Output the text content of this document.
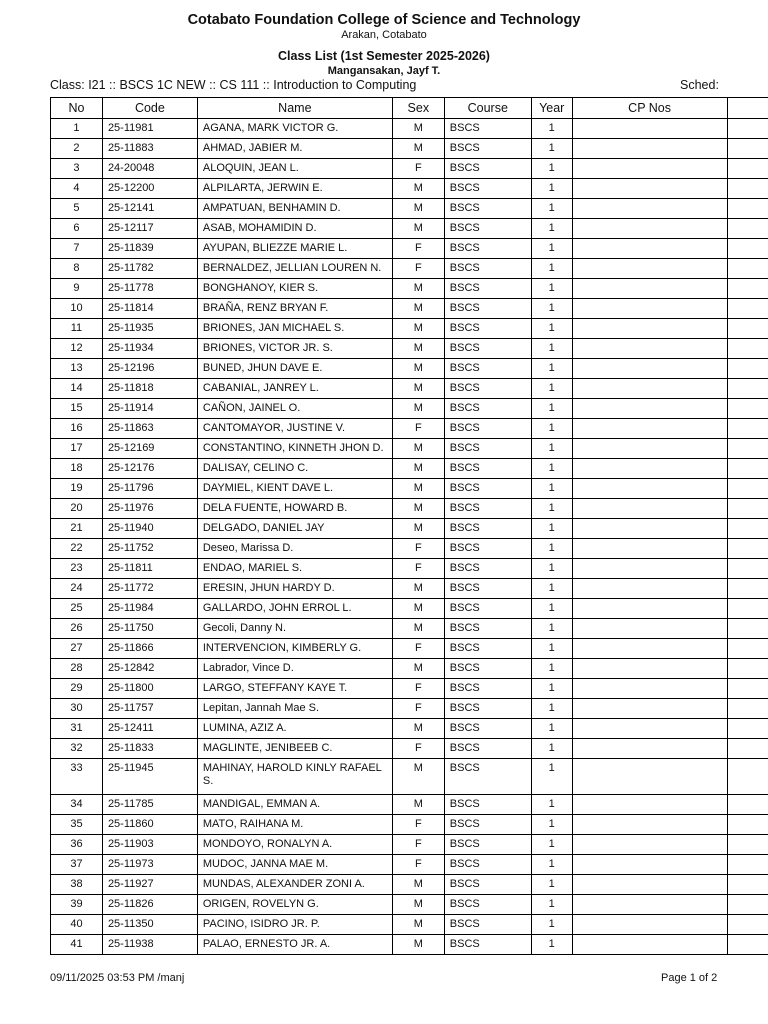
Cotabato Foundation College of Science and Technology
Arakan, Cotabato
Class List (1st Semester 2025-2026)
Mangansakan, Jayf T.
Class: I21 :: BSCS 1C NEW :: CS 111 :: Introduction to Computing	Sched:
No	Code	Name	Sex	Course	Year	CP Nos	
1	25-11981	AGANA, MARK VICTOR G.	M	BSCS	1		
2	25-11883	AHMAD, JABIER M.	M	BSCS	1		
3	24-20048	ALOQUIN, JEAN L.	F	BSCS	1		
4	25-12200	ALPILARTA, JERWIN E.	M	BSCS	1		
5	25-12141	AMPATUAN, BENHAMIN D.	M	BSCS	1		
6	25-12117	ASAB, MOHAMIDIN D.	M	BSCS	1		
7	25-11839	AYUPAN, BLIEZZE MARIE L.	F	BSCS	1		
8	25-11782	BERNALDEZ, JELLIAN LOUREN N.	F	BSCS	1		
9	25-11778	BONGHANOY, KIER S.	M	BSCS	1		
10	25-11814	BRAÑA, RENZ BRYAN F.	M	BSCS	1		
11	25-11935	BRIONES, JAN MICHAEL S.	M	BSCS	1		
12	25-11934	BRIONES, VICTOR JR. S.	M	BSCS	1		
13	25-12196	BUNED, JHUN DAVE E.	M	BSCS	1		
14	25-11818	CABANIAL, JANREY L.	M	BSCS	1		
15	25-11914	CAÑON, JAINEL O.	M	BSCS	1		
16	25-11863	CANTOMAYOR, JUSTINE V.	F	BSCS	1		
17	25-12169	CONSTANTINO, KINNETH JHON D.	M	BSCS	1		
18	25-12176	DALISAY, CELINO C.	M	BSCS	1		
19	25-11796	DAYMIEL, KIENT DAVE L.	M	BSCS	1		
20	25-11976	DELA FUENTE, HOWARD B.	M	BSCS	1		
21	25-11940	DELGADO, DANIEL JAY	M	BSCS	1		
22	25-11752	Deseo, Marissa D.	F	BSCS	1		
23	25-11811	ENDAO, MARIEL S.	F	BSCS	1		
24	25-11772	ERESIN, JHUN HARDY D.	M	BSCS	1		
25	25-11984	GALLARDO, JOHN ERROL L.	M	BSCS	1		
26	25-11750	Gecoli, Danny N.	M	BSCS	1		
27	25-11866	INTERVENCION, KIMBERLY G.	F	BSCS	1		
28	25-12842	Labrador, Vince D.	M	BSCS	1		
29	25-11800	LARGO, STEFFANY KAYE T.	F	BSCS	1		
30	25-11757	Lepitan, Jannah Mae S.	F	BSCS	1		
31	25-12411	LUMINA, AZIZ A.	M	BSCS	1		
32	25-11833	MAGLINTE, JENIBEEB C.	F	BSCS	1		
33	25-11945	MAHINAY, HAROLD KINLY RAFAEL S.	M	BSCS	1		
34	25-11785	MANDIGAL, EMMAN A.	M	BSCS	1		
35	25-11860	MATO, RAIHANA M.	F	BSCS	1		
36	25-11903	MONDOYO, RONALYN A.	F	BSCS	1		
37	25-11973	MUDOC, JANNA MAE M.	F	BSCS	1		
38	25-11927	MUNDAS, ALEXANDER ZONI A.	M	BSCS	1		
39	25-11826	ORIGEN, ROVELYN G.	M	BSCS	1		
40	25-11350	PACINO, ISIDRO JR. P.	M	BSCS	1		
41	25-11938	PALAO, ERNESTO JR. A.	M	BSCS	1		
09/11/2025 03:53 PM /manj	Page 1 of 2
